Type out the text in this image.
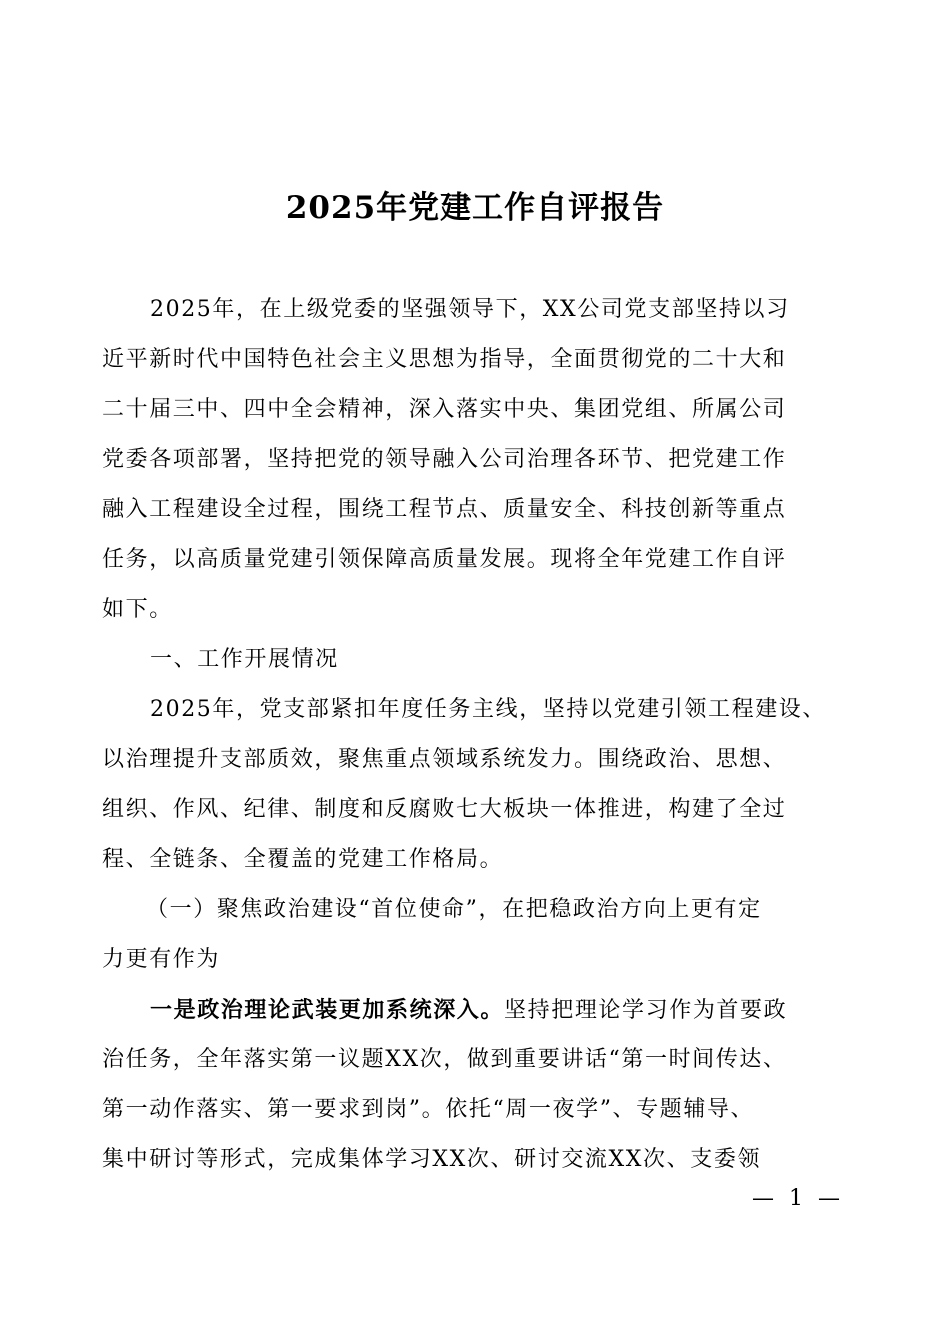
2025年党建工作自评报告
2025年，在上级党委的坚强领导下，XX公司党支部坚持以习
近平新时代中国特色社会主义思想为指导，全面贯彻党的二十大和
二十届三中、四中全会精神，深入落实中央、集团党组、所属公司
党委各项部署，坚持把党的领导融入公司治理各环节、把党建工作
融入工程建设全过程，围绕工程节点、质量安全、科技创新等重点
任务，以高质量党建引领保障高质量发展。现将全年党建工作自评
如下。
一、工作开展情况
2025年，党支部紧扣年度任务主线，坚持以党建引领工程建设、
以治理提升支部质效，聚焦重点领域系统发力。围绕政治、思想、
组织、作风、纪律、制度和反腐败七大板块一体推进，构建了全过
程、全链条、全覆盖的党建工作格局。
（一）聚焦政治建设“首位使命”，在把稳政治方向上更有定
力更有作为
一是政治理论武装更加系统深入。坚持把理论学习作为首要政
治任务，全年落实第一议题XX次，做到重要讲话“第一时间传达、
第一动作落实、第一要求到岗”。依托“周一夜学”、专题辅导、
集中研讨等形式，完成集体学习XX次、研讨交流XX次、支委领
— 1 —
